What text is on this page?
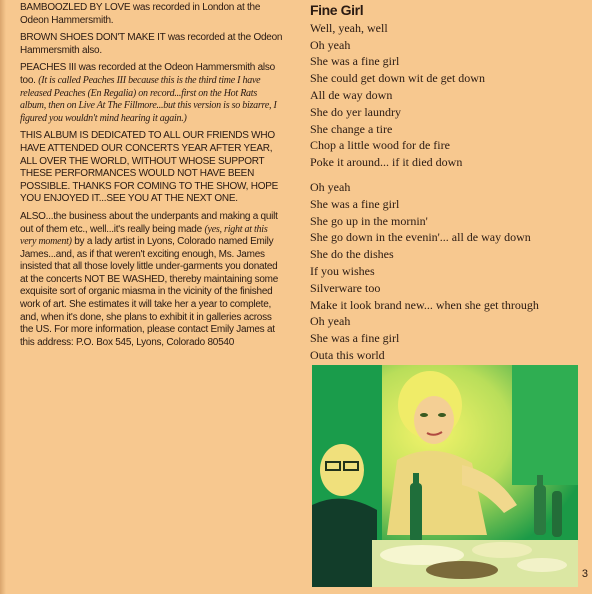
BAMBOOZLED BY LOVE was recorded in London at the Odeon Hammersmith.

BROWN SHOES DON'T MAKE IT was recorded at the Odeon Hammersmith also.

PEACHES III was recorded at the Odeon Hammersmith also too. (It is called Peaches III because this is the third time I have released Peaches (En Regalia) on record...first on the Hot Rats album, then on Live At The Fillmore...but this version is so bizarre, I figured you wouldn't mind hearing it again.)

THIS ALBUM IS DEDICATED TO ALL OUR FRIENDS WHO HAVE ATTENDED OUR CONCERTS YEAR AFTER YEAR, ALL OVER THE WORLD, WITHOUT WHOSE SUPPORT THESE PERFORMANCES WOULD NOT HAVE BEEN POSSIBLE. THANKS FOR COMING TO THE SHOW, HOPE YOU ENJOYED IT...SEE YOU AT THE NEXT ONE.

ALSO...the business about the underpants and making a quilt out of them etc., well...it's really being made (yes, right at this very moment) by a lady artist in Lyons, Colorado named Emily James...and, as if that weren't exciting enough, Ms. James insisted that all those lovely little under-garments you donated at the concerts NOT BE WASHED, thereby maintaining some exquisite sort of organic miasma in the vicinity of the finished work of art. She estimates it will take her a year to complete, and, when it's done, she plans to exhibit it in galleries across the US. For more information, please contact Emily James at this address: P.O. Box 545, Lyons, Colorado 80540

Fine Girl
Well, yeah, well
Oh yeah
She was a fine girl
She could get down wit de get down
All de way down
She do yer laundry
She change a tire
Chop a little wood for de fire
Poke it around... if it died down
Oh yeah
She was a fine girl
She go up in the mornin'
She go down in the evenin'... all de way down
She do the dishes
If you wishes
Silverware too
Make it look brand new... when she get through
Oh yeah
She was a fine girl
Outa this world
3
